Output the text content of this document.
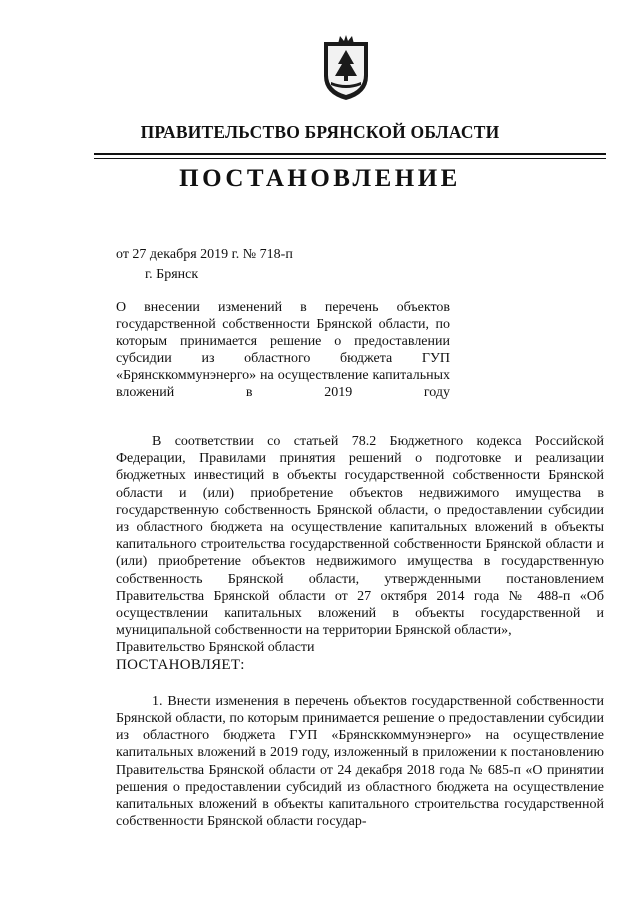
ПРАВИТЕЛЬСТВО БРЯНСКОЙ ОБЛАСТИ
ПОСТАНОВЛЕНИЕ
от 27 декабря 2019 г. № 718-п
г. Брянск
О внесении изменений в перечень объектов государственной собственности Брянской области, по которым принимается решение о предоставлении субсидии из областного бюджета ГУП «Брянсккоммунэнерго» на осуществление капитальных вложений в 2019 году

В соответствии со статьей 78.2 Бюджетного кодекса Российской Федерации, Правилами принятия решений о подготовке и реализации бюджетных инвестиций в объекты государственной собственности Брянской области и (или) приобретение объектов недвижимого имущества в государственную собственность Брянской области, о предоставлении субсидии из областного бюджета на осуществление капитальных вложений в объекты капитального строительства государственной собственности Брянской области и (или) приобретение объектов недвижимого имущества в государственную собственность Брянской области, утвержденными постановлением Правительства Брянской области от 27 октября 2014 года № 488-п «Об осуществлении капитальных вложений в объекты государственной и муниципальной собственности на территории Брянской области»,

Правительство Брянской области

ПОСТАНОВЛЯЕТ:

1. Внести изменения в перечень объектов государственной собственности Брянской области, по которым принимается решение о предоставлении субсидии из областного бюджета ГУП «Брянсккоммунэнерго» на осуществление капитальных вложений в 2019 году, изложенный в приложении к постановлению Правительства Брянской области от 24 декабря 2018 года № 685-п «О принятии решения о предоставлении субсидий из областного бюджета на осуществление капитальных вложений в объекты капитального строительства государственной собственности Брянской области государ-
